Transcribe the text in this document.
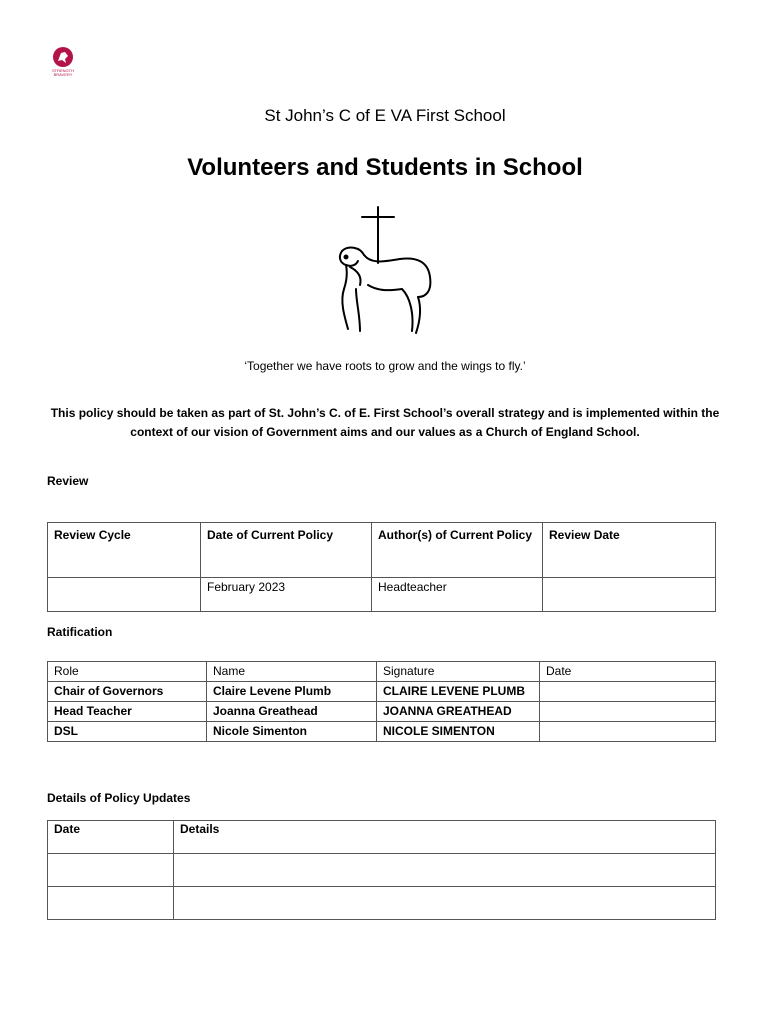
STRENGTH BRAVERY
St John’s C of E VA First School
Volunteers and Students in School
‘Together we have roots to grow and the wings to fly.’
This policy should be taken as part of St. John’s C. of E. First School’s overall strategy and is implemented within the context of our vision of Government aims and our values as a Church of England School.
Review
Review Cycle	Date of Current Policy	Author(s) of Current Policy	Review Date
	February 2023	Headteacher	
Ratification
Role	Name	Signature	Date
Chair of Governors	Claire Levene Plumb	CLAIRE LEVENE PLUMB	
Head Teacher	Joanna Greathead	JOANNA GREATHEAD	
DSL	Nicole Simenton	NICOLE SIMENTON	
Details of Policy Updates
Date	Details
